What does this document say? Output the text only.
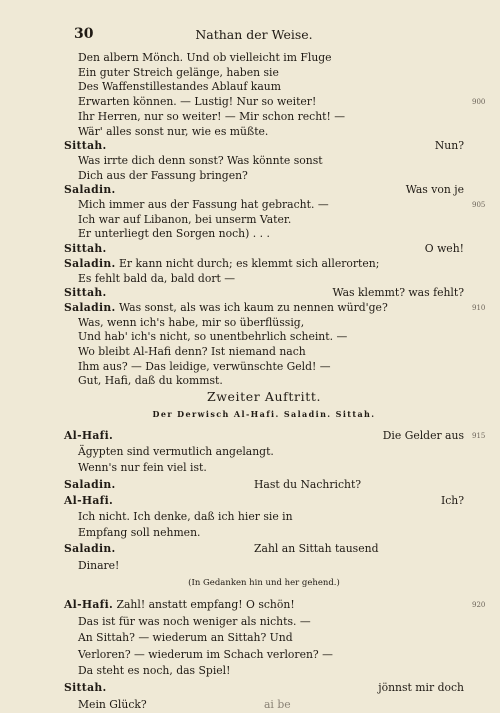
30	Nathan der Weise.
Den albern Mönch. Und ob vielleicht im Fluge
Ein guter Streich gelänge, haben sie
Des Waffenstillestandes Ablauf kaum
Erwarten können. — Lustig! Nur so weiter!	900
Ihr Herren, nur so weiter! — Mir schon recht! —
Wär' alles sonst nur, wie es müßte.
Sittah.	Nun?
Was irrte dich denn sonst? Was könnte sonst
Dich aus der Fassung bringen?
Saladin.	Was von je
Mich immer aus der Fassung hat gebracht. —	905
Ich war auf Libanon, bei unserm Vater.
Er unterliegt den Sorgen noch) . . .
Sittah.	O weh!
Saladin. Er kann nicht durch; es klemmt sich allerorten;
Es fehlt bald da, bald dort —
Sittah.	Was klemmt? was fehlt?
Saladin. Was sonst, als was ich kaum zu nennen würd'ge?	910
Was, wenn ich's habe, mir so überflüssig,
Und hab' ich's nicht, so unentbehrlich scheint. —
Wo bleibt Al-Hafi denn? Ist niemand nach
Ihm aus? — Das leidige, verwünschte Geld! —
Gut, Hafi, daß du kommst.
Zweiter Auftritt.
Der Derwisch Al-Hafi. Saladin. Sittah.
Al-Hafi.	Die Gelder aus 915
Ägypten sind vermutlich angelangt.
Wenn's nur fein viel ist.
Saladin.	Hast du Nachricht?
Al-Hafi.	Ich?
Ich nicht. Ich denke, daß ich hier sie in
Empfang soll nehmen.
Saladin.	Zahl an Sittah tausend
Dinare!
(In Gedanken hin und her gehend.)
Al-Hafi. Zahl! anstatt empfang! O schön!	920
Das ist für was noch weniger als nichts. —
An Sittah? — wiederum an Sittah? Und
Verloren? — wiederum im Schach verloren? —
Da steht es noch, das Spiel!
Sittah.	jönnst mir doch
Mein Glück?	ai be
